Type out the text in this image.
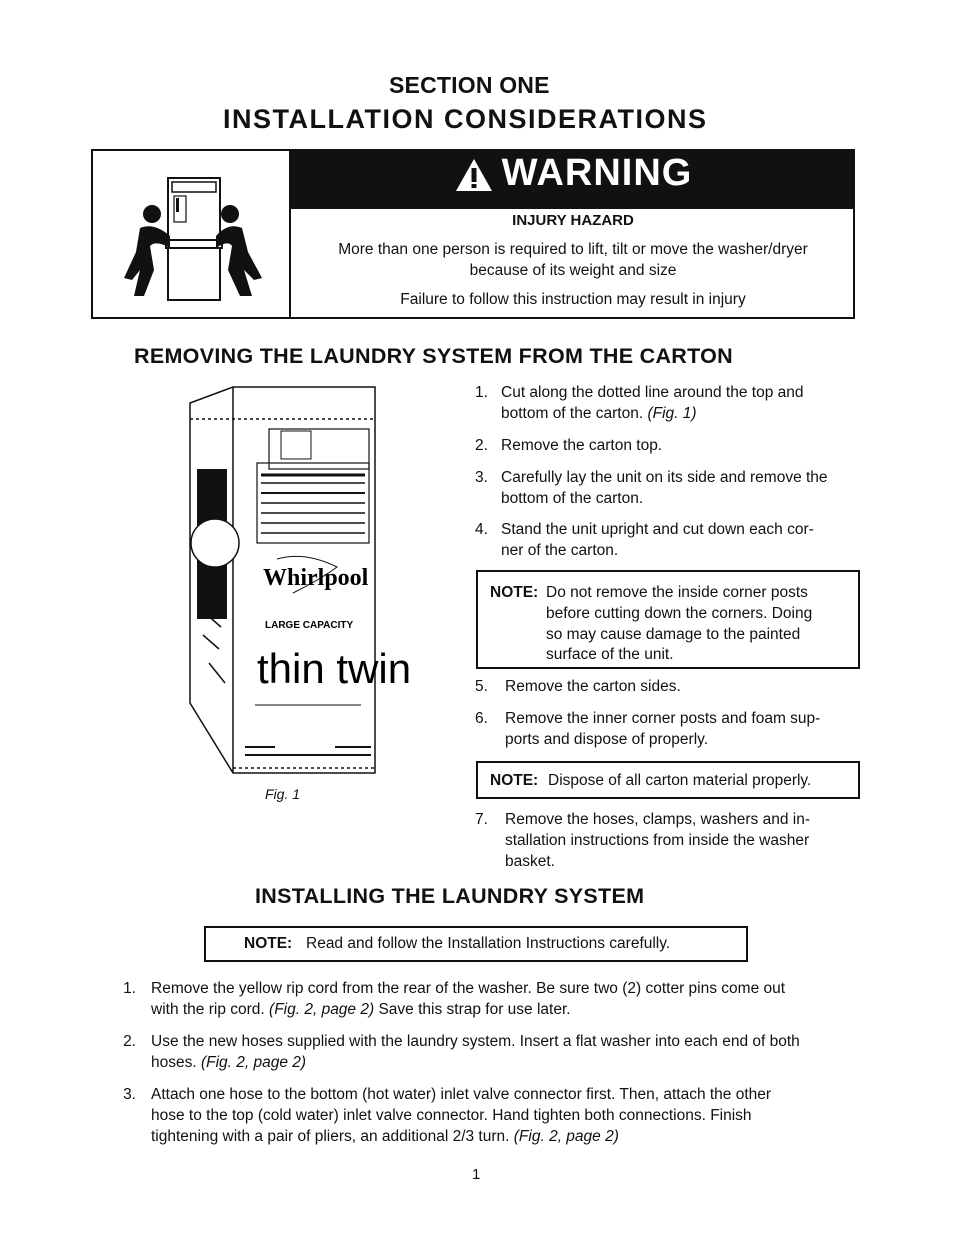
SECTION ONE
INSTALLATION CONSIDERATIONS
WARNING
INJURY HAZARD
More than one person is required to lift, tilt or move the washer/dryer
because of its weight and size
Failure to follow this instruction may result in injury
REMOVING THE LAUNDRY SYSTEM FROM THE CARTON
Whirlpool
LARGE CAPACITY
thin twin
Fig. 1
1. Cut along the dotted line around the top and
bottom of the carton. (Fig. 1)
2. Remove the carton top.
3. Carefully lay the unit on its side and remove the
bottom of the carton.
4. Stand the unit upright and cut down each cor-
ner of the carton.
NOTE: Do not remove the inside corner posts
before cutting down the corners. Doing
so may cause damage to the painted
surface of the unit.
5. Remove the carton sides.
6. Remove the inner corner posts and foam sup-
ports and dispose of properly.
NOTE: Dispose of all carton material properly.
7. Remove the hoses, clamps, washers and in-
stallation instructions from inside the washer
basket.
INSTALLING THE LAUNDRY SYSTEM
NOTE: Read and follow the Installation Instructions carefully.
1. Remove the yellow rip cord from the rear of the washer. Be sure two (2) cotter pins come out
with the rip cord. (Fig. 2, page 2) Save this strap for use later.
2. Use the new hoses supplied with the laundry system. Insert a flat washer into each end of both
hoses. (Fig. 2, page 2)
3. Attach one hose to the bottom (hot water) inlet valve connector first. Then, attach the other
hose to the top (cold water) inlet valve connector. Hand tighten both connections. Finish
tightening with a pair of pliers, an additional 2/3 turn. (Fig. 2, page 2)
1
